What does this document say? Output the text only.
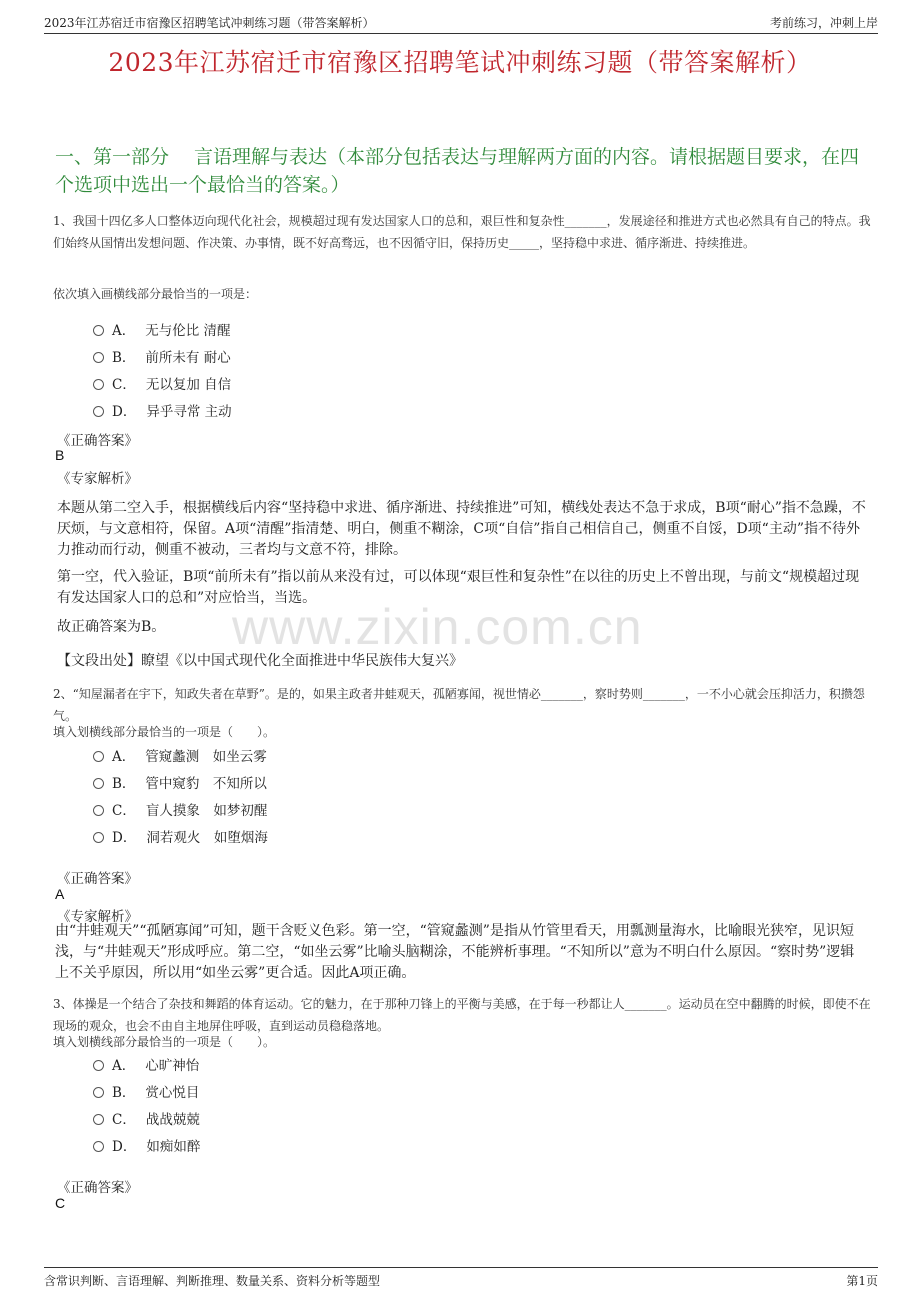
2023年江苏宿迁市宿豫区招聘笔试冲刺练习题（带答案解析）	考前练习，冲刺上岸
2023年江苏宿迁市宿豫区招聘笔试冲刺练习题（带答案解析）
一、第一部分　 言语理解与表达（本部分包括表达与理解两方面的内容。请根据题目要求，在四个选项中选出一个最恰当的答案。）
www.zixin.com.cn
1、我国十四亿多人口整体迈向现代化社会，规模超过现有发达国家人口的总和，艰巨性和复杂性_______，发展途径和推进方式也必然具有自己的特点。我们始终从国情出发想问题、作决策、办事情，既不好高骛远，也不因循守旧，保持历史_____，坚持稳中求进、循序渐进、持续推进。
依次填入画横线部分最恰当的一项是：
A． 无与伦比 清醒
B． 前所未有 耐心
C． 无以复加 自信
D． 异乎寻常 主动
《正确答案》
B
《专家解析》
本题从第二空入手，根据横线后内容“坚持稳中求进、循序渐进、持续推进”可知，横线处表达不急于求成，B项“耐心”指不急躁，不厌烦，与文意相符，保留。A项“清醒”指清楚、明白，侧重不糊涂，C项“自信”指自己相信自己，侧重不自馁，D项“主动”指不待外力推动而行动，侧重不被动，三者均与文意不符，排除。
第一空，代入验证，B项“前所未有”指以前从来没有过，可以体现“艰巨性和复杂性”在以往的历史上不曾出现，与前文“规模超过现有发达国家人口的总和”对应恰当，当选。
故正确答案为B。
【文段出处】瞭望《以中国式现代化全面推进中华民族伟大复兴》
2、“知屋漏者在宇下，知政失者在草野”。是的，如果主政者井蛙观天，孤陋寡闻，视世情必_______，察时势则_______，一不小心就会压抑活力，积攒怨气。
填入划横线部分最恰当的一项是（　　）。
A． 管窥蠡测　如坐云雾
B． 管中窥豹　不知所以
C． 盲人摸象　如梦初醒
D． 洞若观火　如堕烟海
《正确答案》
A
《专家解析》
由“井蛙观天”“孤陋寡闻”可知，题干含贬义色彩。第一空，“管窥蠡测”是指从竹管里看天，用瓢测量海水，比喻眼光狭窄，见识短浅，与“井蛙观天”形成呼应。第二空，“如坐云雾”比喻头脑糊涂，不能辨析事理。“不知所以”意为不明白什么原因。“察时势”逻辑上不关乎原因，所以用“如坐云雾”更合适。因此A项正确。
3、体操是一个结合了杂技和舞蹈的体育运动。它的魅力，在于那种刀锋上的平衡与美感，在于每一秒都让人_______。运动员在空中翻腾的时候，即使不在现场的观众，也会不由自主地屏住呼吸，直到运动员稳稳落地。
填入划横线部分最恰当的一项是（　　）。
A． 心旷神怡
B． 赏心悦目
C． 战战兢兢
D． 如痴如醉
《正确答案》
C
含常识判断、言语理解、判断推理、数量关系、资料分析等题型	第1页
